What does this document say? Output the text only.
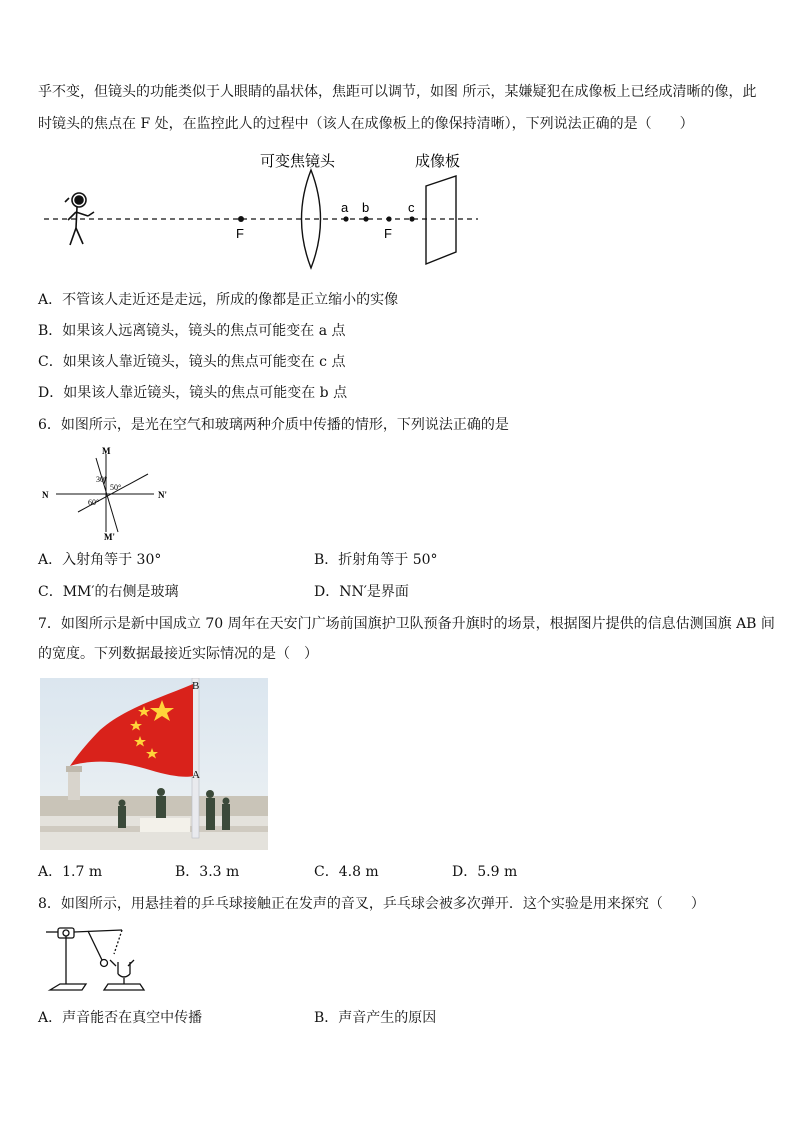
乎不变，但镜头的功能类似于人眼睛的晶状体，焦距可以调节，如图 所示，某嫌疑犯在成像板上已经成清晰的像，此
时镜头的焦点在 F 处，在监控此人的过程中（该人在成像板上的像保持清晰），下列说法正确的是（　　）
F
可变焦镜头
a b
F
c
成像板
A．不管该人走近还是走远，所成的像都是正立缩小的实像
B．如果该人远离镜头，镜头的焦点可能变在 a 点
C．如果该人靠近镜头，镜头的焦点可能变在 c 点
D．如果该人靠近镜头，镜头的焦点可能变在 b 点
6．如图所示，是光在空气和玻璃两种介质中传播的情形，下列说法正确的是
M
N	N'
M'
30°
50°
60°
A．入射角等于 30°	B．折射角等于 50°
C．MM′的右侧是玻璃	D．NN′是界面
7．如图所示是新中国成立 70 周年在天安门广场前国旗护卫队预备升旗时的场景，根据图片提供的信息估测国旗 AB 间
的宽度。下列数据最接近实际情况的是（　）
B
A
A．1.7 m	B．3.3 m	C．4.8 m	D．5.9 m
8．如图所示，用悬挂着的乒乓球接触正在发声的音叉，乒乓球会被多次弹开．这个实验是用来探究（　　）
A．声音能否在真空中传播	B．声音产生的原因
